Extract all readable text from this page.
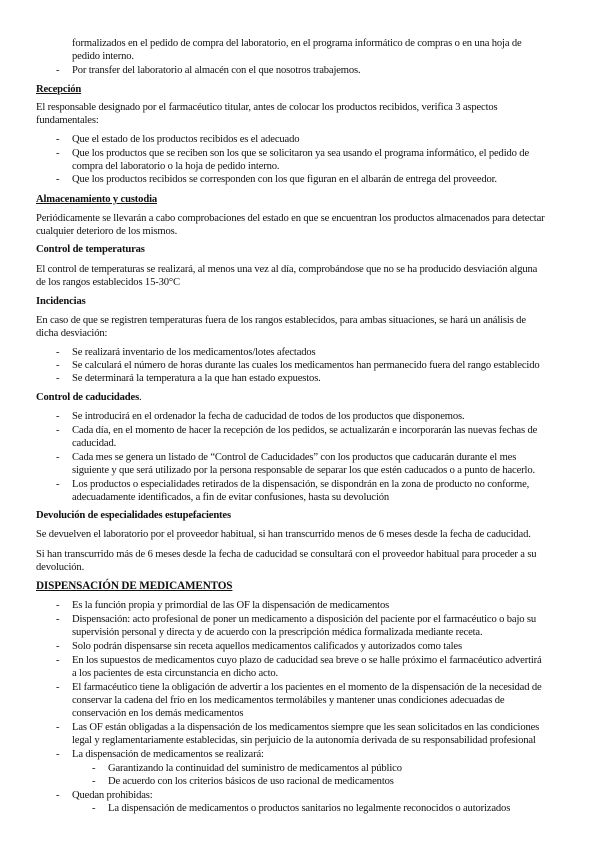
formalizados en el pedido de compra del laboratorio, en el programa informático de compras o en una hoja de
pedido interno.
- Por transfer del laboratorio al almacén con el que nosotros trabajemos.
Recepción
El responsable designado por el farmacéutico titular, antes de colocar los productos recibidos, verifica 3 aspectos
fundamentales:
- Que el estado de los productos recibidos es el adecuado
- Que los productos que se reciben son los que se solicitaron ya sea usando el programa informático, el pedido de
compra del laboratorio o la hoja de pedido interno.
- Que los productos recibidos se corresponden con los que figuran en el albarán de entrega del proveedor.
Almacenamiento y custodia
Periódicamente se llevarán a cabo comprobaciones del estado en que se encuentran los productos almacenados para detectar
cualquier deterioro de los mismos.
Control de temperaturas
El control de temperaturas se realizará, al menos una vez al día, comprobándose que no se ha producido desviación alguna
de los rangos establecidos 15-30°C
Incidencias
En caso de que se registren temperaturas fuera de los rangos establecidos, para ambas situaciones, se hará un análisis de
dicha desviación:
- Se realizará inventario de los medicamentos/lotes afectados
- Se calculará el número de horas durante las cuales los medicamentos han permanecido fuera del rango establecido
- Se determinará la temperatura a la que han estado expuestos.
Control de caducidades.
- Se introducirá en el ordenador la fecha de caducidad de todos de los productos que disponemos.
- Cada día, en el momento de hacer la recepción de los pedidos, se actualizarán e incorporarán las nuevas fechas de
caducidad.
- Cada mes se genera un listado de “Control de Caducidades” con los productos que caducarán durante el mes
siguiente y que será utilizado por la persona responsable de separar los que estén caducados o a punto de hacerlo.
- Los productos o especialidades retirados de la dispensación, se dispondrán en la zona de producto no conforme,
adecuadamente identificados, a fin de evitar confusiones, hasta su devolución
Devolución de especialidades estupefacientes
Se devuelven el laboratorio por el proveedor habitual, si han transcurrido menos de 6 meses desde la fecha de caducidad.
Si han transcurrido más de 6 meses desde la fecha de caducidad se consultará con el proveedor habitual para proceder a su
devolución.
DISPENSACIÓN DE MEDICAMENTOS
- Es la función propia y primordial de las OF la dispensación de medicamentos
- Dispensación: acto profesional de poner un medicamento a disposición del paciente por el farmacéutico o bajo su
supervisión personal y directa y de acuerdo con la prescripción médica formalizada mediante receta.
- Solo podrán dispensarse sin receta aquellos medicamentos calificados y autorizados como tales
- En los supuestos de medicamentos cuyo plazo de caducidad sea breve o se halle próximo el farmacéutico advertirá
a los pacientes de esta circunstancia en dicho acto.
- El farmacéutico tiene la obligación de advertir a los pacientes en el momento de la dispensación de la necesidad de
conservar la cadena del frío en los medicamentos termolábiles y mantener unas condiciones adecuadas de
conservación en los demás medicamentos
- Las OF están obligadas a la dispensación de los medicamentos siempre que les sean solicitados en las condiciones
legal y reglamentariamente establecidas, sin perjuicio de la autonomía derivada de su responsabilidad profesional
- La dispensación de medicamentos se realizará:
- Garantizando la continuidad del suministro de medicamentos al público
- De acuerdo con los criterios básicos de uso racional de medicamentos
- Quedan prohibidas:
- La dispensación de medicamentos o productos sanitarios no legalmente reconocidos o autorizados
